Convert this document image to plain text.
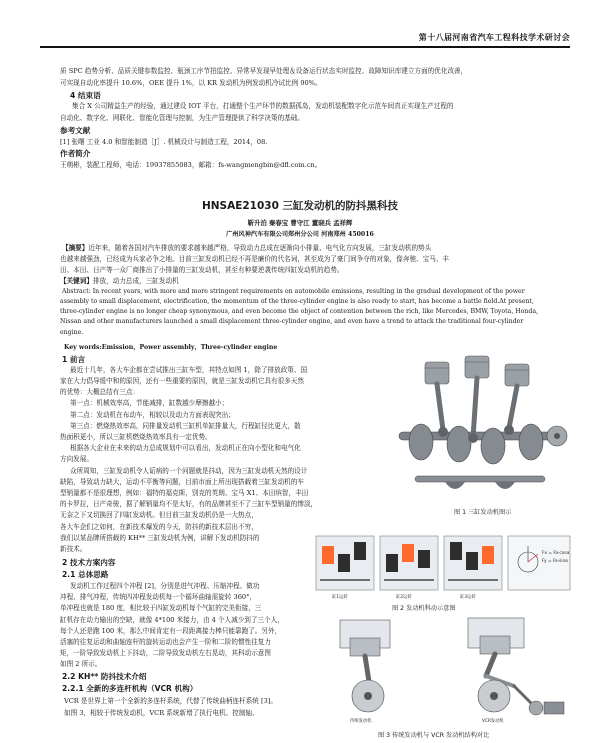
第十八届河南省汽车工程科技学术研讨会

质 SPC 趋势分析、品质关键参数监控、瓶颈工序节拍监控、异常早发现早处理＆设备运行状态实时监控、故障知识库建立方面的优化改善，

可实现自动化率提升 10.6%，OEE 提升 1%，以 KR 发动机为例发动机冷试比例 90%。

4 结束语

集合 X 公司精益生产的经验，通过建设 IOT 平台，打通整个生产环节的数据孤岛，发动机装配数字化示范车间真正实现生产过程的

自动化、数字化、网联化、智能化管理与控制，为生产管理提供了科学决策的基础。

参考文献

[1] 张曙 工业 4.0 和智能制造［J］. 机械设计与制造工程，2014，08.

作者简介

王萌彬，装配工程师，电话：19937855083，邮箱：fs-wangmengbin@dfl.com.cn。

HNSAE21030 三缸发动机的防抖黑科技
靳升泊 秦春宝 曹守江 董晓兵 孟祥辉
广州风神汽车有限公司郑州分公司 河南郑州 450016

【摘要】近年来，随着各国对汽车排放的要求越来越严格，导致动力总成在逐渐向小排量、电气化方向发展，三缸发动机的势头

也越来越强劲，已经成为兵家必争之地。目前三缸发动机已经不再是廉价的代名词，甚至成为了豪门间争夺的对象，像奔驰、宝马、丰

田、本田、日产等一众厂商推出了小排量的三缸发动机，甚至有种要逆袭传统四缸发动机的趋势。

【关键词】排放，动力总成，三缸发动机

Abstract: In recent years, with more and more stringent requirements on automobile emissions, resulting in the gradual development of the power

assembly to small displacement, electrification, the momentum of the three-cylinder engine is also ready to start, has become a battle field.At present,

three-cylinder engine is no longer cheap synonymous, and even become the object of contention between the rich, like Mercedes, BMW, Toyota, Honda,

Nissan and other manufacturers launched a small displacement three-cylinder engine, and even have a trend to attack the traditional four-cylinder

engine.

Key words:Emission，Power assembly，Three-cylinder engine

1 前言

最近十几年，各大车企都在尝试推出三缸车型，其特点如图 1，除了排放政策、国

家在大力倡导缓中和的原因，还有一些重要的原因，就是三缸发动机它具有很多天然

的优势：大概总结有三点：

第一点：机械效率高，节能减排，缸数越少摩擦越小；

第二点：发动机在布动车，相较以及动力方面表现突出；

第三点：燃烧热效率高，同排量发动机三缸机单缸排量大，行程缸径比更大，散

热面积更小，所以三缸机燃烧热效率具有一定优势。

根据各大企业在未来的动力总成规划中可以看出，发动机正在向小型化和电气化

方向发展。

众所周知，三缸发动机令人诟病的一个问题就是抖动，因为三缸发动机天然的设计

缺陷，导致动力缺大，运动不平衡等问题，目前市面上所出现搭载着三缸发动机的车

型销量都不是很理想，例如：福特的福克斯，别克的英朗、宝马 X1、本田缤智，丰田

的卡罗拉，日产奇骏，据了解销量均不是太好，有的品牌甚至不了三缸车型销量的惨淡，

无奈之下又切换回了四缸发动机。但目前三缸发动机仍是一大热点，

各大车企们之如何，在新技术爆发的今天，防抖的新技术层出不穷，

我们以某品牌所搭载的 KH** 三缸发动机为例，讲解下发动机防抖的

新技术。

2 技术方案内容

2.1 总体思路

发动机工作过程四个冲程 [2]，分别是进气冲程、压缩冲程、做功

冲程、排气冲程，传统四冲程发动机每一个循环曲轴需旋转 360°，

单冲程也就是 180 度，相比较于四缸发动机每个气缸的完美衔接，三

缸机存在动力输出的空缺，就像 4*100 米接力，由 4 个人减少到了三个人，

每个人还是跑 100 米，那么中间肯定有一段距离接力棒只能靠跑了。另外，

活塞的往复运动和曲轴连杆的旋转运动也会产生一阶和二阶的惯性往复力

矩，一阶导致发动机上下抖动，二阶导致发动机左右晃动，其科动示意图

如图 2 所示。

2.2 KH** 防抖技术介绍

2.2.1 全新的多连杆机构（VCR 机构）

VCR 是世界上第一个全新的多连杆系统，代替了传统曲柄连杆系统 [3]。

如图 3，相较于传统发动机，VCR 系统新增了执行电机、控制轴、

图 1 三缸发动机图示
缸1运转	缸2运转	缸3运转
Fx = Fa·cosα
Fy = Fa·sinα
图 2 发动机科动示意图
传统发动机	VCR发动机
图 3 传统发动机与 VCR 发动机结构对比
